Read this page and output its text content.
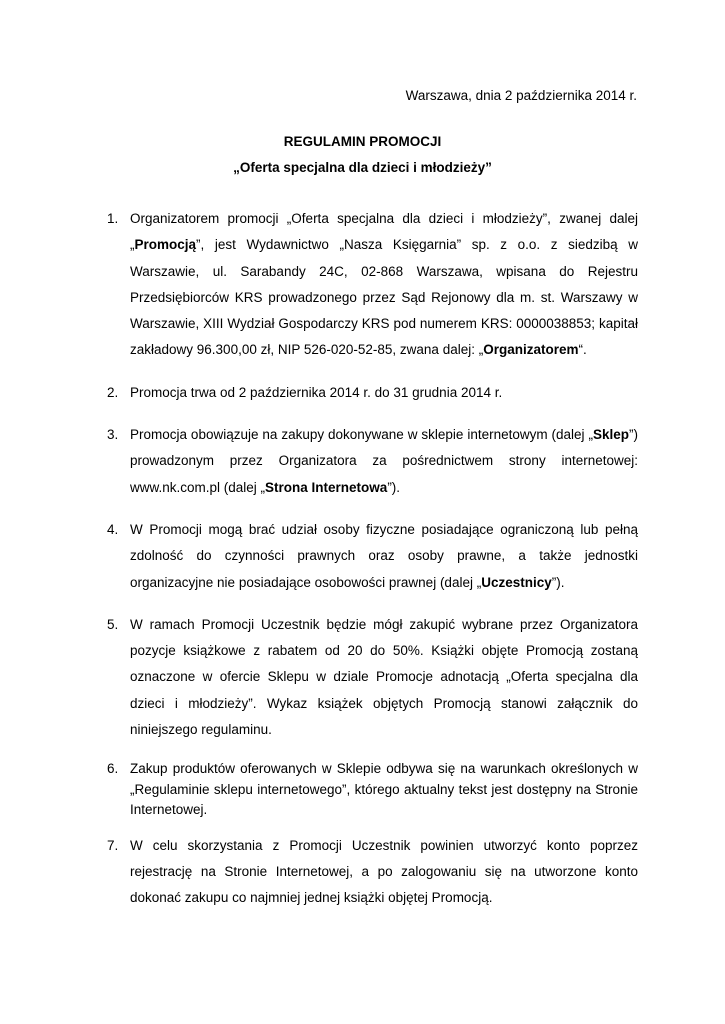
Warszawa, dnia 2 października 2014 r.
REGULAMIN PROMOCJI
„Oferta specjalna dla dzieci i młodzieży”
1. Organizatorem promocji „Oferta specjalna dla dzieci i młodzieży”, zwanej dalej „Promocją”, jest Wydawnictwo „Nasza Księgarnia” sp. z o.o. z siedzibą w Warszawie, ul. Sarabandy 24C, 02-868 Warszawa, wpisana do Rejestru Przedsiębiorców KRS prowadzonego przez Sąd Rejonowy dla m. st. Warszawy w Warszawie, XIII Wydział Gospodarczy KRS pod numerem KRS: 0000038853; kapitał zakładowy 96.300,00 zł, NIP 526-020-52-85, zwana dalej: „Organizatorem“.
2. Promocja trwa od 2 października 2014 r. do 31 grudnia 2014 r.
3. Promocja obowiązuje na zakupy dokonywane w sklepie internetowym (dalej „Sklep”) prowadzonym przez Organizatora za pośrednictwem strony internetowej: www.nk.com.pl (dalej „Strona Internetowa”).
4. W Promocji mogą brać udział osoby fizyczne posiadające ograniczoną lub pełną zdolność do czynności prawnych oraz osoby prawne, a także jednostki organizacyjne nie posiadające osobowości prawnej (dalej „Uczestnicy”).
5. W ramach Promocji Uczestnik będzie mógł zakupić wybrane przez Organizatora pozycje książkowe z rabatem od 20 do 50%. Książki objęte Promocją zostaną oznaczone w ofercie Sklepu w dziale Promocje adnotacją „Oferta specjalna dla dzieci i młodzieży”. Wykaz książek objętych Promocją stanowi załącznik do niniejszego regulaminu.
6. Zakup produktów oferowanych w Sklepie odbywa się na warunkach określonych w „Regulaminie sklepu internetowego”, którego aktualny tekst jest dostępny na Stronie Internetowej.
7. W celu skorzystania z Promocji Uczestnik powinien utworzyć konto poprzez rejestrację na Stronie Internetowej, a po zalogowaniu się na utworzone konto dokonać zakupu co najmniej jednej książki objętej Promocją.
